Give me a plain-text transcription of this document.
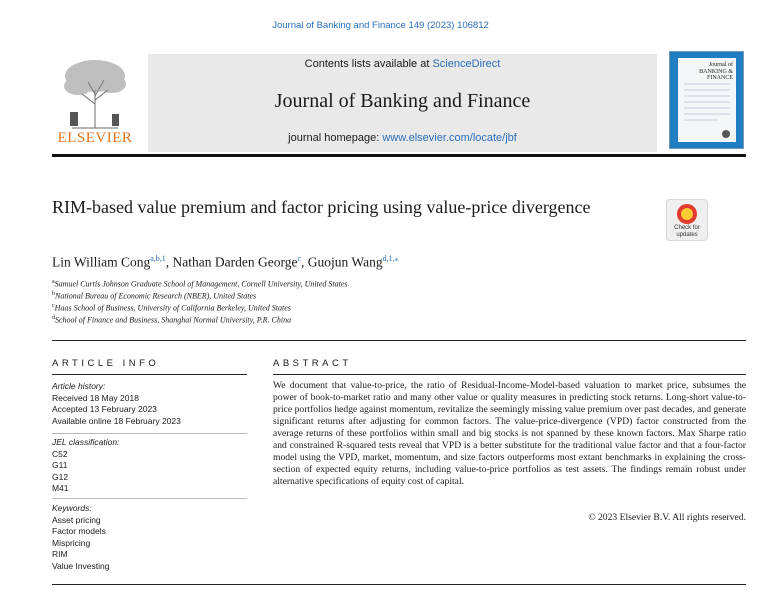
Journal of Banking and Finance 149 (2023) 106812
ELSEVIER
Contents lists available at ScienceDirect
Journal of Banking and Finance
journal homepage: www.elsevier.com/locate/jbf
Journal of BANKING & FINANCE
RIM-based value premium and factor pricing using value-price divergence
Check for updates
Lin William Cong$^{a,b,1}$, Nathan Darden George$^c$, Guojun Wang$^{d,1,⁎}$
$^a$Samuel Curtis Johnson Graduate School of Management, Cornell University, United States
$^b$National Bureau of Economic Research (NBER), United States
$^c$Haas School of Business, University of California Berkeley, United States
$^d$School of Finance and Business, Shanghai Normal University, P.R. China
ARTICLE INFO	ABSTRACT
Article history:
Received 18 May 2018
Accepted 13 February 2023
Available online 18 February 2023
JEL classification:
C52
G11
G12
M41
Keywords:
Asset pricing
Factor models
Mispricing
RIM
Value Investing
We document that value-to-price, the ratio of Residual-Income-Model-based valuation to market price, subsumes the power of book-to-market ratio and many other value or quality measures in predicting stock returns. Long-short value-to-price portfolios hedge against momentum, revitalize the seemingly missing value premium over past decades, and generate significant returns after adjusting for common factors. The value-price-divergence (VPD) factor constructed from the average returns of these portfolios within small and big stocks is not spanned by these known factors. Max Sharpe ratio and constrained R-squared tests reveal that VPD is a better substitute for the traditional value factor and that a four-factor model using the VPD, market, momentum, and size factors outperforms most extant benchmarks in explaining the cross-section of expected equity returns, including value-to-price portfolios as test assets. The findings remain robust under alternative specifications of equity cost of capital.
© 2023 Elsevier B.V. All rights reserved.
